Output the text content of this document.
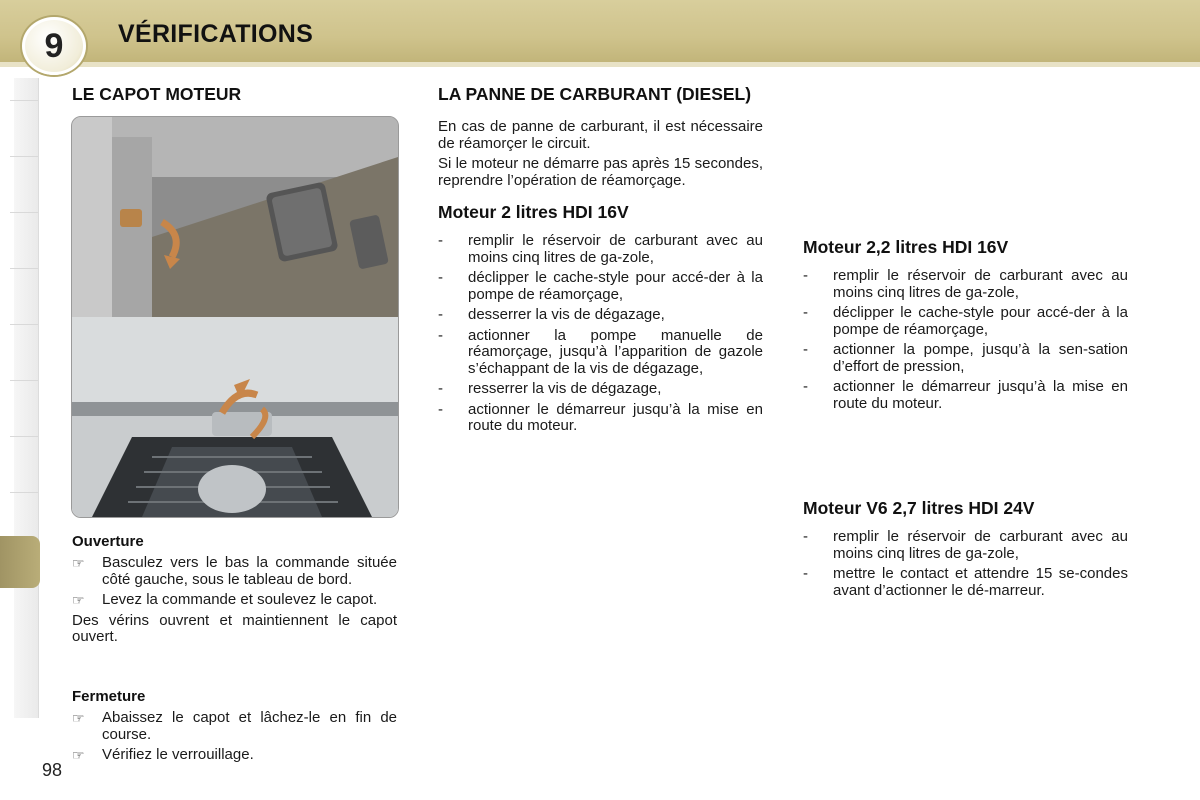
9	VÉRIFICATIONS
LE CAPOT MOTEUR
Ouverture
☞	Basculez vers le bas la commande située côté gauche, sous le tableau de bord.
☞	Levez la commande et soulevez le capot.

Des vérins ouvrent et maintiennent le capot ouvert.

Fermeture
☞	Abaissez le capot et lâchez-le en fin de course.
☞	Vérifiez le verrouillage.
98
LA PANNE DE CARBURANT (DIESEL)

En cas de panne de carburant, il est nécessaire de réamorçer le circuit.

Si le moteur ne démarre pas après 15 secondes, reprendre l’opération de réamorçage.

Moteur 2 litres HDI 16V
-	remplir le réservoir de carburant avec au moins cinq litres de ga-zole,
-	déclipper le cache-style pour accé-der à la pompe de réamorçage,
-	desserrer la vis de dégazage,
-	actionner la pompe manuelle de réamorçage, jusqu’à l’apparition de gazole s’échappant de la vis de dégazage,
-	resserrer la vis de dégazage,
-	actionner le démarreur jusqu’à la mise en route du moteur.
Moteur 2,2 litres HDI 16V
-	remplir le réservoir de carburant avec au moins cinq litres de ga-zole,
-	déclipper le cache-style pour accé-der à la pompe de réamorçage,
-	actionner la pompe, jusqu’à la sen-sation d’effort de pression,
-	actionner le démarreur jusqu’à la mise en route du moteur.
Moteur V6 2,7 litres HDI 24V
-	remplir le réservoir de carburant avec au moins cinq litres de ga-zole,
-	mettre le contact et attendre 15 se-condes avant d’actionner le dé-marreur.
